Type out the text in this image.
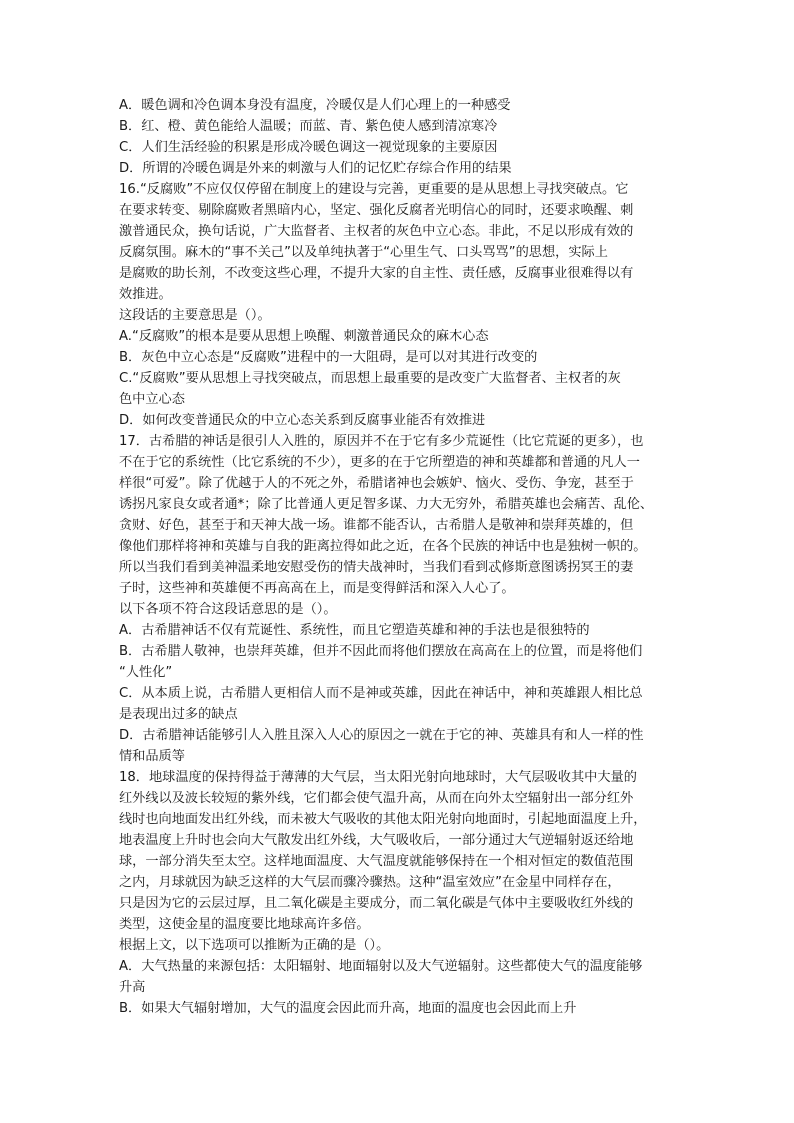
A．暖色调和冷色调本身没有温度，冷暖仅是人们心理上的一种感受
B．红、橙、黄色能给人温暖；而蓝、青、紫色使人感到清凉寒冷
C．人们生活经验的积累是形成冷暖色调这一视觉现象的主要原因
D．所谓的冷暖色调是外来的刺激与人们的记忆贮存综合作用的结果
16.“反腐败”不应仅仅停留在制度上的建设与完善，更重要的是从思想上寻找突破点。它
在要求转变、剔除腐败者黑暗内心，坚定、强化反腐者光明信心的同时，还要求唤醒、刺
激普通民众，换句话说，广大监督者、主权者的灰色中立心态。非此，不足以形成有效的
反腐氛围。麻木的“事不关己”以及单纯执著于“心里生气、口头骂骂”的思想，实际上
是腐败的助长剂，不改变这些心理，不提升大家的自主性、责任感，反腐事业很难得以有
效推进。
这段话的主要意思是（）。
A.“反腐败”的根本是要从思想上唤醒、刺激普通民众的麻木心态
B．灰色中立心态是“反腐败”进程中的一大阻碍，是可以对其进行改变的
C.“反腐败”要从思想上寻找突破点，而思想上最重要的是改变广大监督者、主权者的灰
色中立心态
D．如何改变普通民众的中立心态关系到反腐事业能否有效推进
17．古希腊的神话是很引人入胜的，原因并不在于它有多少荒诞性（比它荒诞的更多），也
不在于它的系统性（比它系统的不少），更多的在于它所塑造的神和英雄都和普通的凡人一
样很“可爱”。除了优越于人的不死之外，希腊诸神也会嫉妒、恼火、受伤、争宠，甚至于
诱拐凡家良女或者通*；除了比普通人更足智多谋、力大无穷外，希腊英雄也会痛苦、乱伦、
贪财、好色，甚至于和天神大战一场。谁都不能否认，古希腊人是敬神和崇拜英雄的，但
像他们那样将神和英雄与自我的距离拉得如此之近，在各个民族的神话中也是独树一帜的。
所以当我们看到美神温柔地安慰受伤的情夫战神时，当我们看到忒修斯意图诱拐冥王的妻
子时，这些神和英雄便不再高高在上，而是变得鲜活和深入人心了。
以下各项不符合这段话意思的是（）。
A．古希腊神话不仅有荒诞性、系统性，而且它塑造英雄和神的手法也是很独特的
B．古希腊人敬神，也崇拜英雄，但并不因此而将他们摆放在高高在上的位置，而是将他们
“人性化”
C．从本质上说，古希腊人更相信人而不是神或英雄，因此在神话中，神和英雄跟人相比总
是表现出过多的缺点
D．古希腊神话能够引人入胜且深入人心的原因之一就在于它的神、英雄具有和人一样的性
情和品质等
18．地球温度的保持得益于薄薄的大气层，当太阳光射向地球时，大气层吸收其中大量的
红外线以及波长较短的紫外线，它们都会使气温升高，从而在向外太空辐射出一部分红外
线时也向地面发出红外线，而未被大气吸收的其他太阳光射向地面时，引起地面温度上升，
地表温度上升时也会向大气散发出红外线，大气吸收后，一部分通过大气逆辐射返还给地
球，一部分消失至太空。这样地面温度、大气温度就能够保持在一个相对恒定的数值范围
之内，月球就因为缺乏这样的大气层而骤冷骤热。这种“温室效应”在金星中同样存在，
只是因为它的云层过厚，且二氧化碳是主要成分，而二氧化碳是气体中主要吸收红外线的
类型，这使金星的温度要比地球高许多倍。
根据上文，以下选项可以推断为正确的是（）。
A．大气热量的来源包括：太阳辐射、地面辐射以及大气逆辐射。这些都使大气的温度能够
升高
B．如果大气辐射增加，大气的温度会因此而升高，地面的温度也会因此而上升
